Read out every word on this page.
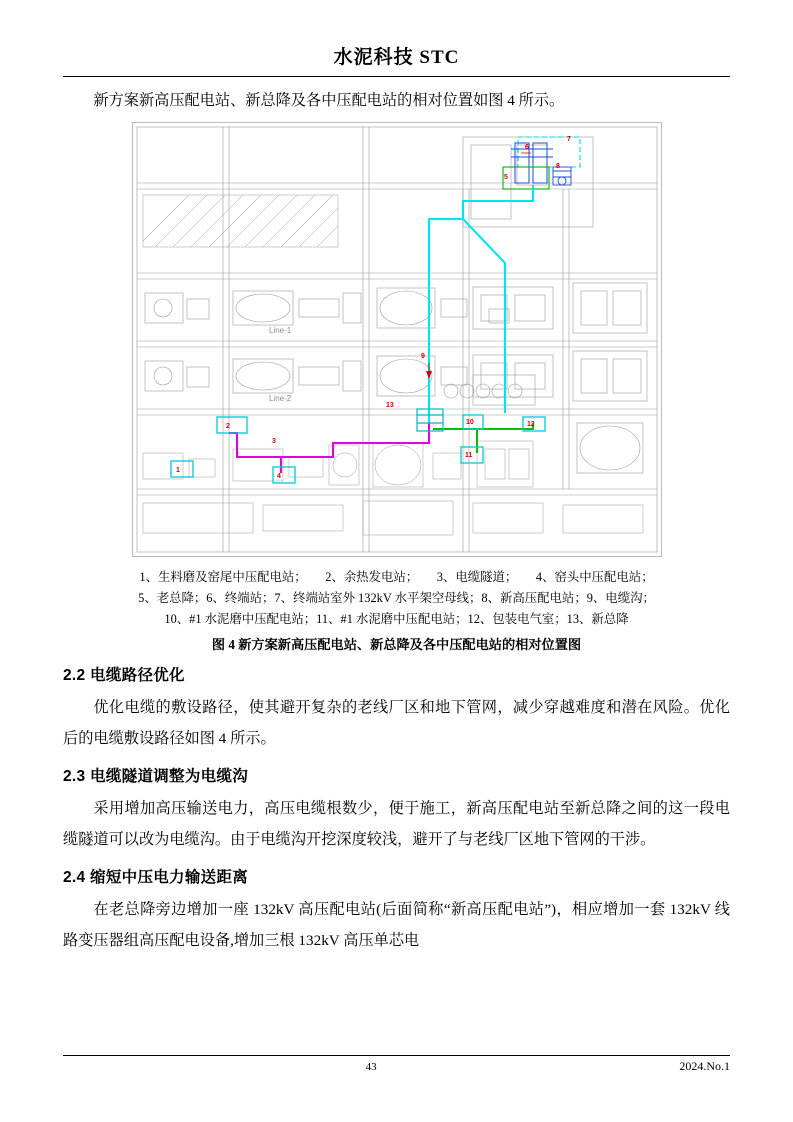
水泥科技 STC

新方案新高压配电站、新总降及各中压配电站的相对位置如图 4 所示。

Line-1
Line-2
1
2
3
4
5
6
7
8
9
10
11
12
13
1、生料磨及窑尾中压配电站；　　2、余热发电站；　　3、电缆隧道；　　4、窑头中压配电站；
5、老总降；6、终端站；7、终端站室外 132kV 水平架空母线；8、新高压配电站；9、电缆沟；
10、#1 水泥磨中压配电站；11、#1 水泥磨中压配电站；12、包装电气室；13、新总降
图 4 新方案新高压配电站、新总降及各中压配电站的相对位置图
2.2 电缆路径优化

优化电缆的敷设路径，使其避开复杂的老线厂区和地下管网，减少穿越难度和潜在风险。优化后的电缆敷设路径如图 4 所示。

2.3 电缆隧道调整为电缆沟

采用增加高压输送电力，高压电缆根数少，便于施工，新高压配电站至新总降之间的这一段电缆隧道可以改为电缆沟。由于电缆沟开挖深度较浅，避开了与老线厂区地下管网的干涉。

2.4 缩短中压电力输送距离

在老总降旁边增加一座 132kV 高压配电站(后面简称“新高压配电站”)，相应增加一套 132kV 线路变压器组高压配电设备,增加三根 132kV 高压单芯电

43	2024.No.1
